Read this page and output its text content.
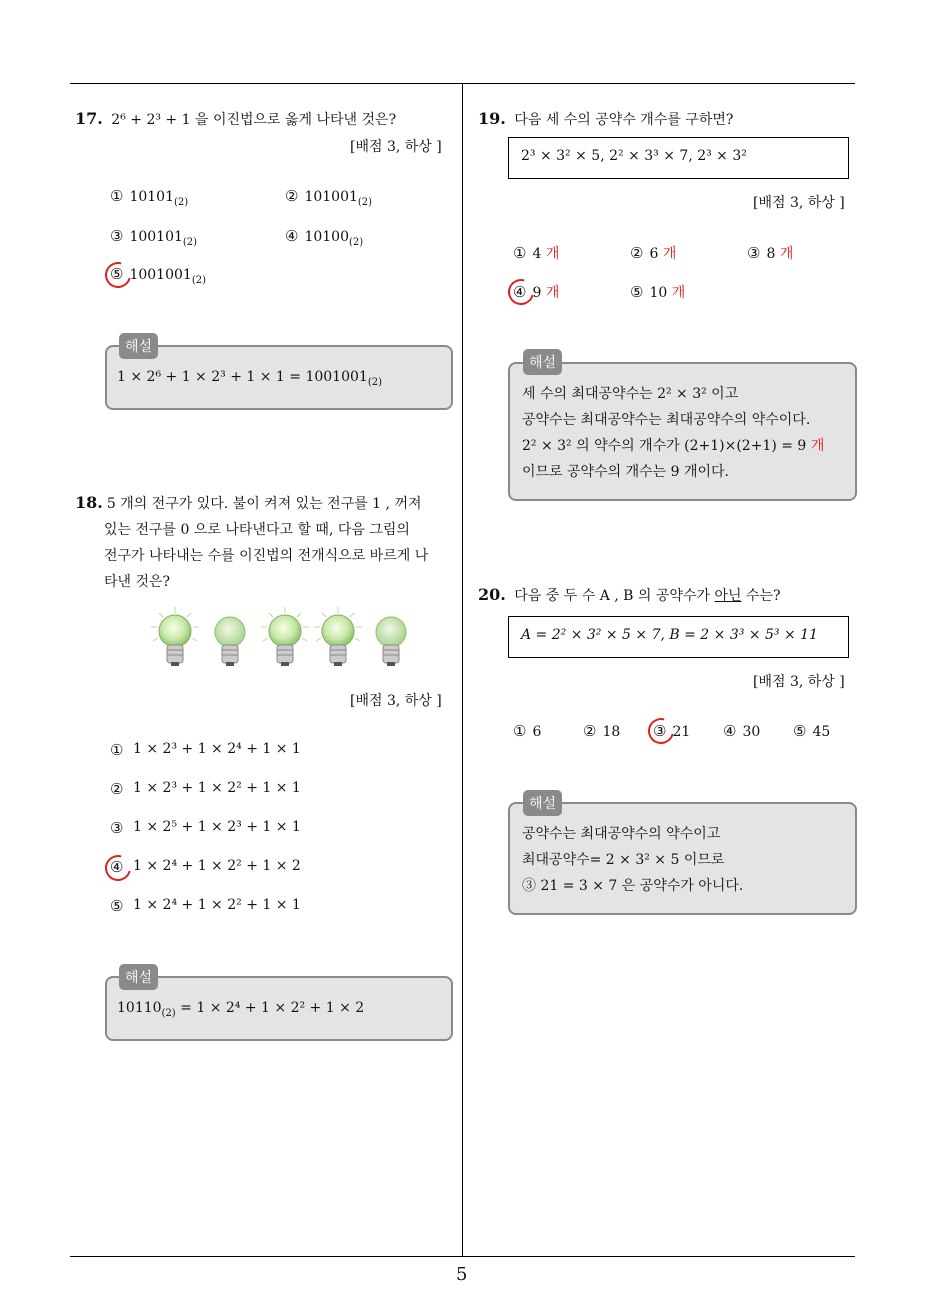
5
17. 2⁶ + 2³ + 1 을 이진법으로 옳게 나타낸 것은?
[배점 3, 하상 ]
① $10101_{(2)}$	② $101001_{(2)}$
③ $100101_{(2)}$	④ $10100_{(2)}$
⑤ $1001001_{(2)}$
해설
$1 \times 2^6 + 1 \times 2^3 + 1 \times 1 = 1001001_{(2)}$
18. 5 개의 전구가 있다. 불이 켜져 있는 전구를 1 , 꺼져
있는 전구를 0 으로 나타낸다고 할 때, 다음 그림의
전구가 나타내는 수를 이진법의 전개식으로 바르게 나
타낸 것은?
[배점 3, 하상 ]
1 × 2³ + 1 × 2⁴ + 1 × 1
①
1 × 2³ + 1 × 2² + 1 × 1
②
1 × 2⁵ + 1 × 2³ + 1 × 1
③
1 × 2⁴ + 1 × 2² + 1 × 2
④
1 × 2⁴ + 1 × 2² + 1 × 1
⑤
해설
$10110_{(2)} = 1 \times 2^4 + 1 \times 2^2 + 1 \times 2$
19. 다음 세 수의 공약수 개수를 구하면?
2³ × 3² × 5, 2² × 3³ × 7, 2³ × 3²
[배점 3, 하상 ]
① 4 개	② 6 개	③ 8 개
④ 9 개	⑤ 10 개
해설
세 수의 최대공약수는 2² × 3² 이고
공약수는 최대공약수는 최대공약수의 약수이다.
2² × 3² 의 약수의 개수가 (2+1)×(2+1) = 9 개
이므로 공약수의 개수는 9 개이다.
20. 다음 중 두 수 A , B 의 공약수가 아닌 수는?
A = 2² × 3² × 5 × 7, B = 2 × 3³ × 5³ × 11
[배점 3, 하상 ]
① 6	② 18 ③ 21 ④ 30 ⑤ 45
해설
공약수는 최대공약수의 약수이고
최대공약수= 2 × 3² × 5 이므로
③ 21 = 3 × 7 은 공약수가 아니다.
